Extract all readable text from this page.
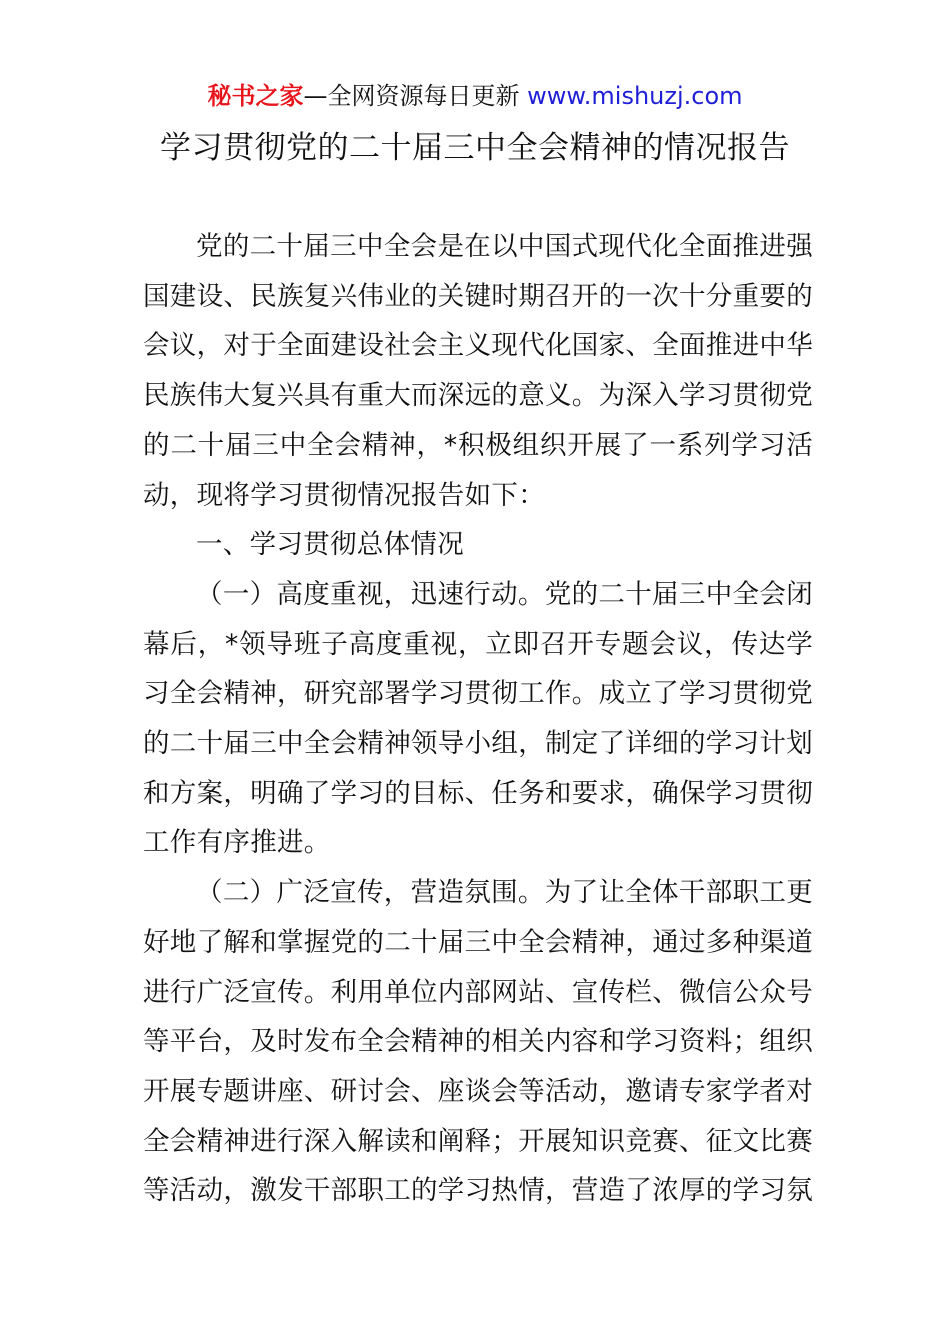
秘书之家—全网资源每日更新 www.mishuzj.com
学习贯彻党的二十届三中全会精神的情况报告

党的二十届三中全会是在以中国式现代化全面推进强国建设、民族复兴伟业的关键时期召开的一次十分重要的会议，对于全面建设社会主义现代化国家、全面推进中华民族伟大复兴具有重大而深远的意义。为深入学习贯彻党的二十届三中全会精神，*积极组织开展了一系列学习活动，现将学习贯彻情况报告如下：

一、学习贯彻总体情况

（一）高度重视，迅速行动。党的二十届三中全会闭幕后，*领导班子高度重视，立即召开专题会议，传达学习全会精神，研究部署学习贯彻工作。成立了学习贯彻党的二十届三中全会精神领导小组，制定了详细的学习计划和方案，明确了学习的目标、任务和要求，确保学习贯彻工作有序推进。

（二）广泛宣传，营造氛围。为了让全体干部职工更好地了解和掌握党的二十届三中全会精神，通过多种渠道进行广泛宣传。利用单位内部网站、宣传栏、微信公众号等平台，及时发布全会精神的相关内容和学习资料；组织开展专题讲座、研讨会、座谈会等活动，邀请专家学者对全会精神进行深入解读和阐释；开展知识竞赛、征文比赛等活动，激发干部职工的学习热情，营造了浓厚的学习氛
